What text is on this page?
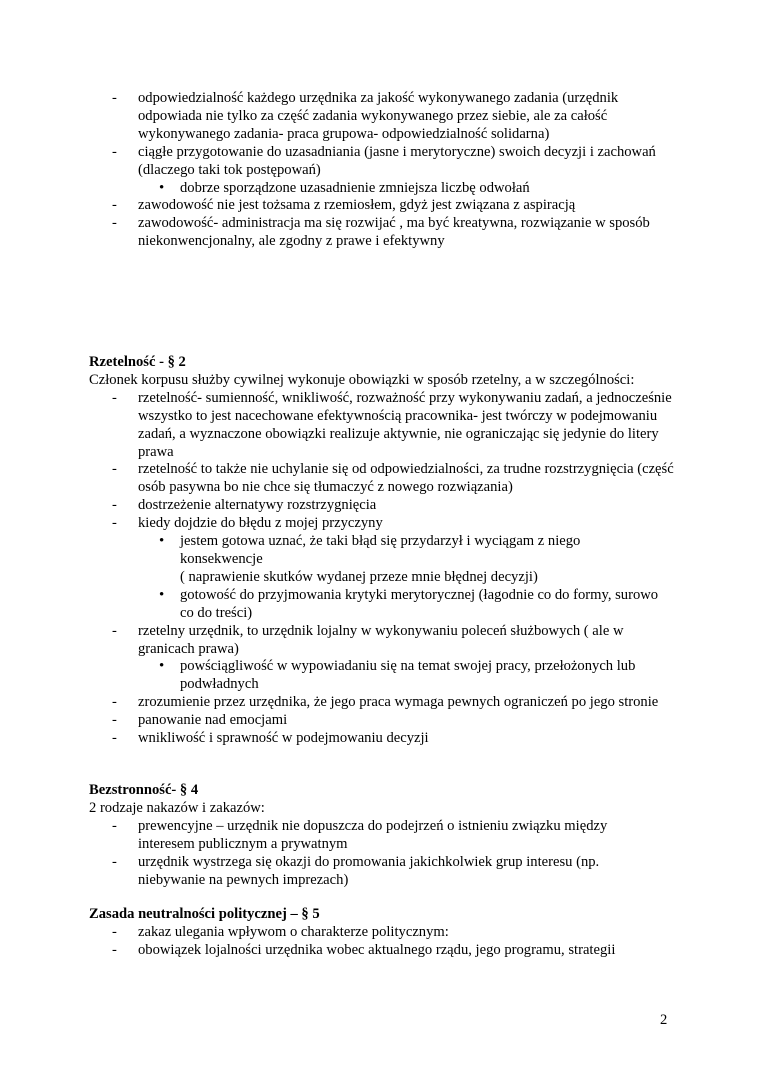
- odpowiedzialność każdego urzędnika za jakość wykonywanego zadania (urzędnik odpowiada nie tylko za część zadania wykonywanego przez siebie, ale za całość wykonywanego zadania- praca grupowa- odpowiedzialność solidarna)
- ciągłe przygotowanie do uzasadniania (jasne i merytoryczne) swoich decyzji i zachowań (dlaczego taki tok postępowań)
• dobrze sporządzone uzasadnienie zmniejsza liczbę odwołań
- zawodowość nie jest tożsama z rzemiosłem, gdyż jest związana z aspiracją
- zawodowość- administracja ma się rozwijać , ma być kreatywna, rozwiązanie w sposób niekonwencjonalny, ale zgodny z prawe i efektywny
Rzetelność - § 2
Członek korpusu służby cywilnej wykonuje obowiązki w sposób rzetelny, a w szczególności:
- rzetelność- sumienność, wnikliwość, rozważność przy wykonywaniu zadań, a jednocześnie wszystko to jest nacechowane efektywnością pracownika- jest twórczy w podejmowaniu zadań, a wyznaczone obowiązki realizuje aktywnie, nie ograniczając się jedynie do litery prawa
- rzetelność to także nie uchylanie się od odpowiedzialności, za trudne rozstrzygnięcia (część osób pasywna bo nie chce się tłumaczyć z nowego rozwiązania)
- dostrzeżenie alternatywy rozstrzygnięcia
- kiedy dojdzie do błędu z mojej przyczyny
• jestem gotowa uznać, że taki błąd się przydarzył i wyciągam z niego konsekwencje
( naprawienie skutków wydanej przeze mnie błędnej decyzji)
• gotowość do przyjmowania krytyki merytorycznej (łagodnie co do formy, surowo co do treści)
- rzetelny urzędnik, to urzędnik lojalny w wykonywaniu poleceń służbowych ( ale w granicach prawa)
• powściągliwość w wypowiadaniu się na temat swojej pracy, przełożonych lub podwładnych
- zrozumienie przez urzędnika, że jego praca wymaga pewnych ograniczeń po jego stronie
- panowanie nad emocjami
- wnikliwość i sprawność w podejmowaniu decyzji
Bezstronność- § 4
2 rodzaje nakazów i zakazów:
- prewencyjne – urzędnik nie dopuszcza do podejrzeń o istnieniu związku między interesem publicznym a prywatnym
- urzędnik wystrzega się okazji do promowania jakichkolwiek grup interesu (np. niebywanie na pewnych imprezach)
Zasada neutralności politycznej – § 5
- zakaz ulegania wpływom o charakterze politycznym:
- obowiązek lojalności urzędnika wobec aktualnego rządu, jego programu, strategii
2
